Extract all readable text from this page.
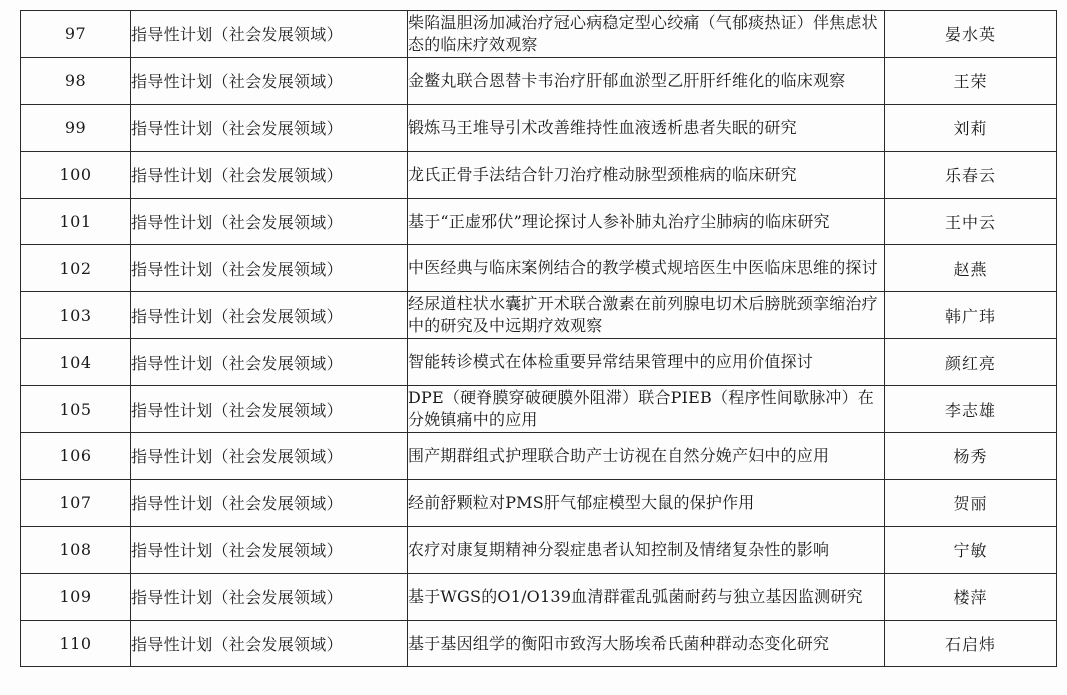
97	指导性计划（社会发展领域）	柴陷温胆汤加减治疗冠心病稳定型心绞痛（气郁痰热证）伴焦虑状态的临床疗效观察	晏水英
98	指导性计划（社会发展领域）	金鳖丸联合恩替卡韦治疗肝郁血淤型乙肝肝纤维化的临床观察	王荣
99	指导性计划（社会发展领域）	锻炼马王堆导引术改善维持性血液透析患者失眠的研究	刘莉
100	指导性计划（社会发展领域）	龙氏正骨手法结合针刀治疗椎动脉型颈椎病的临床研究	乐春云
101	指导性计划（社会发展领域）	基于“正虚邪伏”理论探讨人参补肺丸治疗尘肺病的临床研究	王中云
102	指导性计划（社会发展领域）	中医经典与临床案例结合的教学模式规培医生中医临床思维的探讨	赵燕
103	指导性计划（社会发展领域）	经尿道柱状水囊扩开术联合激素在前列腺电切术后膀胱颈挛缩治疗中的研究及中远期疗效观察	韩广玮
104	指导性计划（社会发展领域）	智能转诊模式在体检重要异常结果管理中的应用价值探讨	颜红亮
105	指导性计划（社会发展领域）	DPE（硬脊膜穿破硬膜外阻滞）联合PIEB（程序性间歇脉冲）在分娩镇痛中的应用	李志雄
106	指导性计划（社会发展领域）	围产期群组式护理联合助产士访视在自然分娩产妇中的应用	杨秀
107	指导性计划（社会发展领域）	经前舒颗粒对PMS肝气郁症模型大鼠的保护作用	贺丽
108	指导性计划（社会发展领域）	农疗对康复期精神分裂症患者认知控制及情绪复杂性的影响	宁敏
109	指导性计划（社会发展领域）	基于WGS的O1/O139血清群霍乱弧菌耐药与独立基因监测研究	楼萍
110	指导性计划（社会发展领域）	基于基因组学的衡阳市致泻大肠埃希氏菌种群动态变化研究	石启炜
